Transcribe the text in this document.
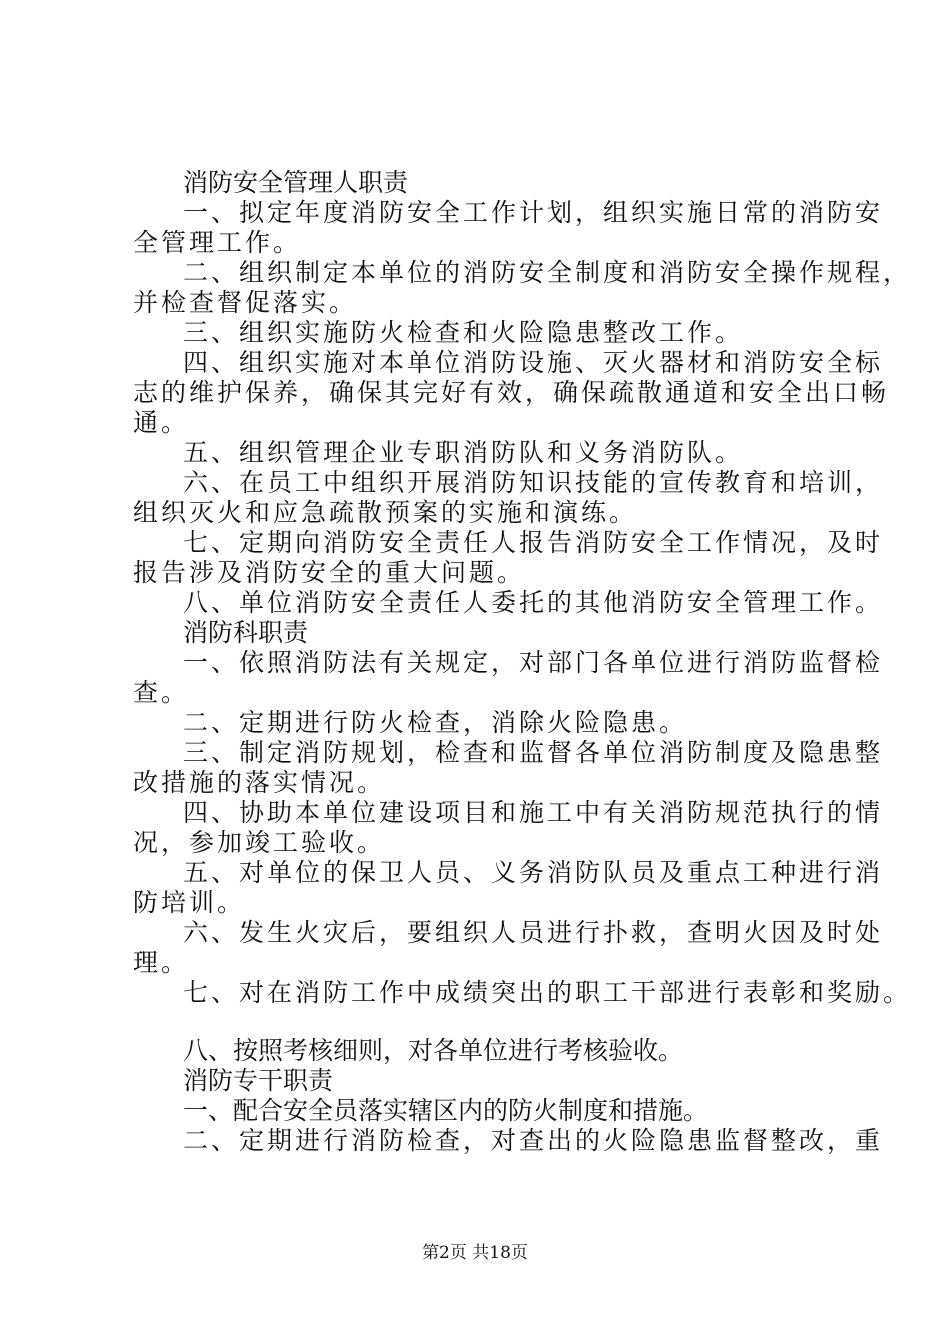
消防安全管理人职责
一、拟定年度消防安全工作计划，组织实施日常的消防安
全管理工作。
二、组织制定本单位的消防安全制度和消防安全操作规程，
并检查督促落实。
三、组织实施防火检查和火险隐患整改工作。
四、组织实施对本单位消防设施、灭火器材和消防安全标
志的维护保养，确保其完好有效，确保疏散通道和安全出口畅
通。
五、组织管理企业专职消防队和义务消防队。
六、在员工中组织开展消防知识技能的宣传教育和培训，
组织灭火和应急疏散预案的实施和演练。
七、定期向消防安全责任人报告消防安全工作情况，及时
报告涉及消防安全的重大问题。
八、单位消防安全责任人委托的其他消防安全管理工作。
消防科职责
一、依照消防法有关规定，对部门各单位进行消防监督检
查。
二、定期进行防火检查，消除火险隐患。
三、制定消防规划，检查和监督各单位消防制度及隐患整
改措施的落实情况。
四、协助本单位建设项目和施工中有关消防规范执行的情
况，参加竣工验收。
五、对单位的保卫人员、义务消防队员及重点工种进行消
防培训。
六、发生火灾后，要组织人员进行扑救，查明火因及时处
理。
七、对在消防工作中成绩突出的职工干部进行表彰和奖励。
八、按照考核细则，对各单位进行考核验收。
消防专干职责
一、配合安全员落实辖区内的防火制度和措施。
二、定期进行消防检查，对查出的火险隐患监督整改，重
第2页 共18页
